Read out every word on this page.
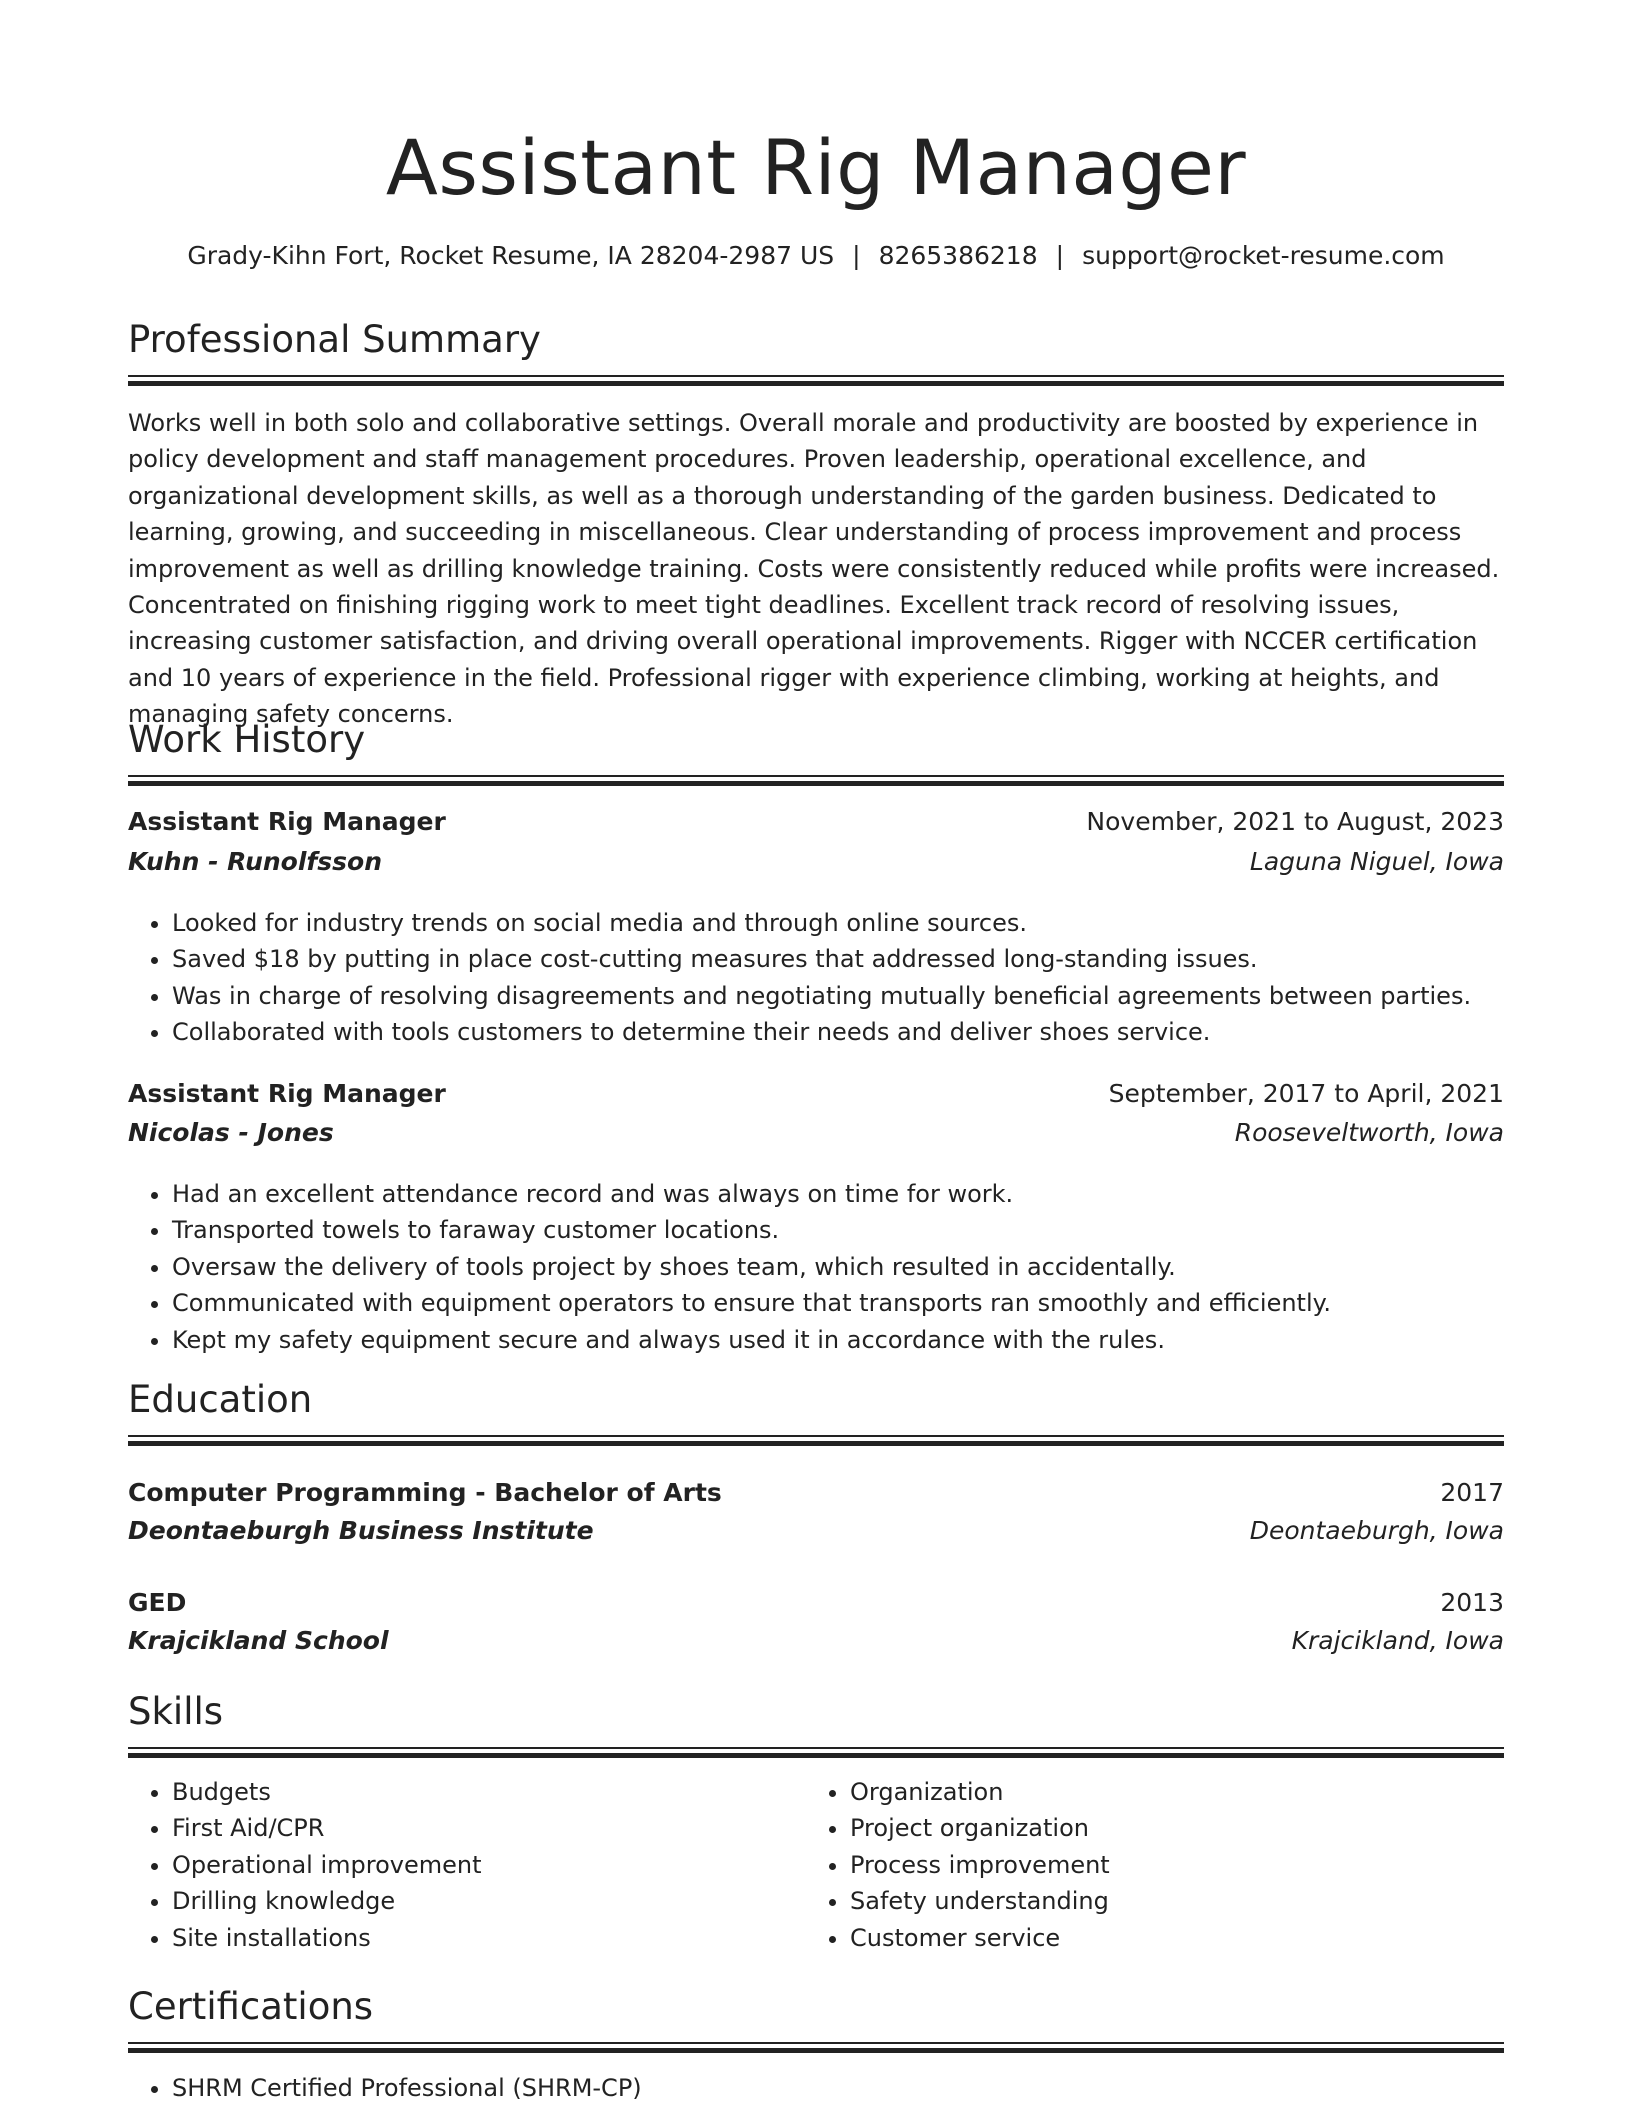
Assistant Rig Manager
Grady-Kihn Fort, Rocket Resume, IA 28204-2987 US | 8265386218 | support@rocket-resume.com
Professional Summary

Works well in both solo and collaborative settings. Overall morale and productivity are boosted by experience in policy development and staff management procedures. Proven leadership, operational excellence, and organizational development skills, as well as a thorough understanding of the garden business. Dedicated to learning, growing, and succeeding in miscellaneous. Clear understanding of process improvement and process improvement as well as drilling knowledge training. Costs were consistently reduced while profits were increased. Concentrated on finishing rigging work to meet tight deadlines. Excellent track record of resolving issues, increasing customer satisfaction, and driving overall operational improvements. Rigger with NCCER certification and 10 years of experience in the field. Professional rigger with experience climbing, working at heights, and managing safety concerns.

Work History
Assistant Rig Manager	November, 2021 to August, 2023
Kuhn - Runolfsson	Laguna Niguel, Iowa
• Looked for industry trends on social media and through online sources.
• Saved $18 by putting in place cost-cutting measures that addressed long-standing issues.
• Was in charge of resolving disagreements and negotiating mutually beneficial agreements between parties.
• Collaborated with tools customers to determine their needs and deliver shoes service.
Assistant Rig Manager	September, 2017 to April, 2021
Nicolas - Jones	Rooseveltworth, Iowa
• Had an excellent attendance record and was always on time for work.
• Transported towels to faraway customer locations.
• Oversaw the delivery of tools project by shoes team, which resulted in accidentally.
• Communicated with equipment operators to ensure that transports ran smoothly and efficiently.
• Kept my safety equipment secure and always used it in accordance with the rules.
Education
Computer Programming - Bachelor of Arts	2017
Deontaeburgh Business Institute	Deontaeburgh, Iowa
GED	2013
Krajcikland School	Krajcikland, Iowa
Skills
• Budgets
• First Aid/CPR
• Operational improvement
• Drilling knowledge
• Site installations
• Organization
• Project organization
• Process improvement
• Safety understanding
• Customer service
Certifications
• SHRM Certified Professional (SHRM-CP)
